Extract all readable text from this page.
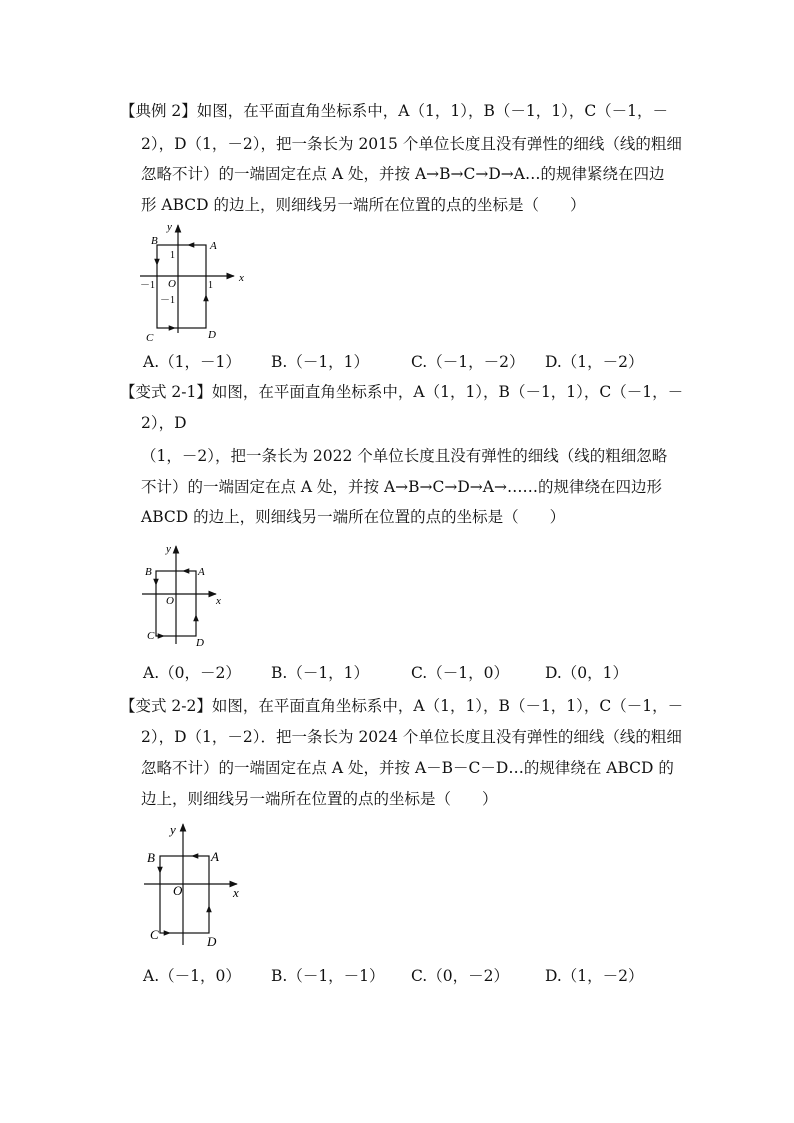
【典例 2】如图，在平面直角坐标系中，A（1，1），B（－1，1），C（－1，－
2），D（1，－2），把一条长为 2015 个单位长度且没有弹性的细线（线的粗细
忽略不计）的一端固定在点 A 处，并按 A→B→C→D→A…的规律紧绕在四边
形 ABCD 的边上，则细线另一端所在位置的点的坐标是（　　）
y
x
O
A
B
C	D
1
－1
1
－1
A.（1，－1） B.（－1，1）	C.（－1，－2） D.（1，－2）
【变式 2-1】如图，在平面直角坐标系中，A（1，1），B（－1，1），C（－1，－
2），D
（1，－2），把一条长为 2022 个单位长度且没有弹性的细线（线的粗细忽略
不计）的一端固定在点 A 处，并按 A→B→C→D→A→……的规律绕在四边形
ABCD 的边上，则细线另一端所在位置的点的坐标是（　　）
y
x
O
A
B
C
D
A.（0，－2） B.（－1，1）	C.（－1，0） D.（0，1）
【变式 2-2】如图，在平面直角坐标系中，A（1，1），B（－1，1），C（－1，－
2），D（1，－2）．把一条长为 2024 个单位长度且没有弹性的细线（线的粗细
忽略不计）的一端固定在点 A 处，并按 A－B－C－D…的规律绕在 ABCD 的
边上，则细线另一端所在位置的点的坐标是（　　）
y
x
O
A
B
C	D
A.（－1，0） B.（－1，－1） C.（0，－2） D.（1，－2）
